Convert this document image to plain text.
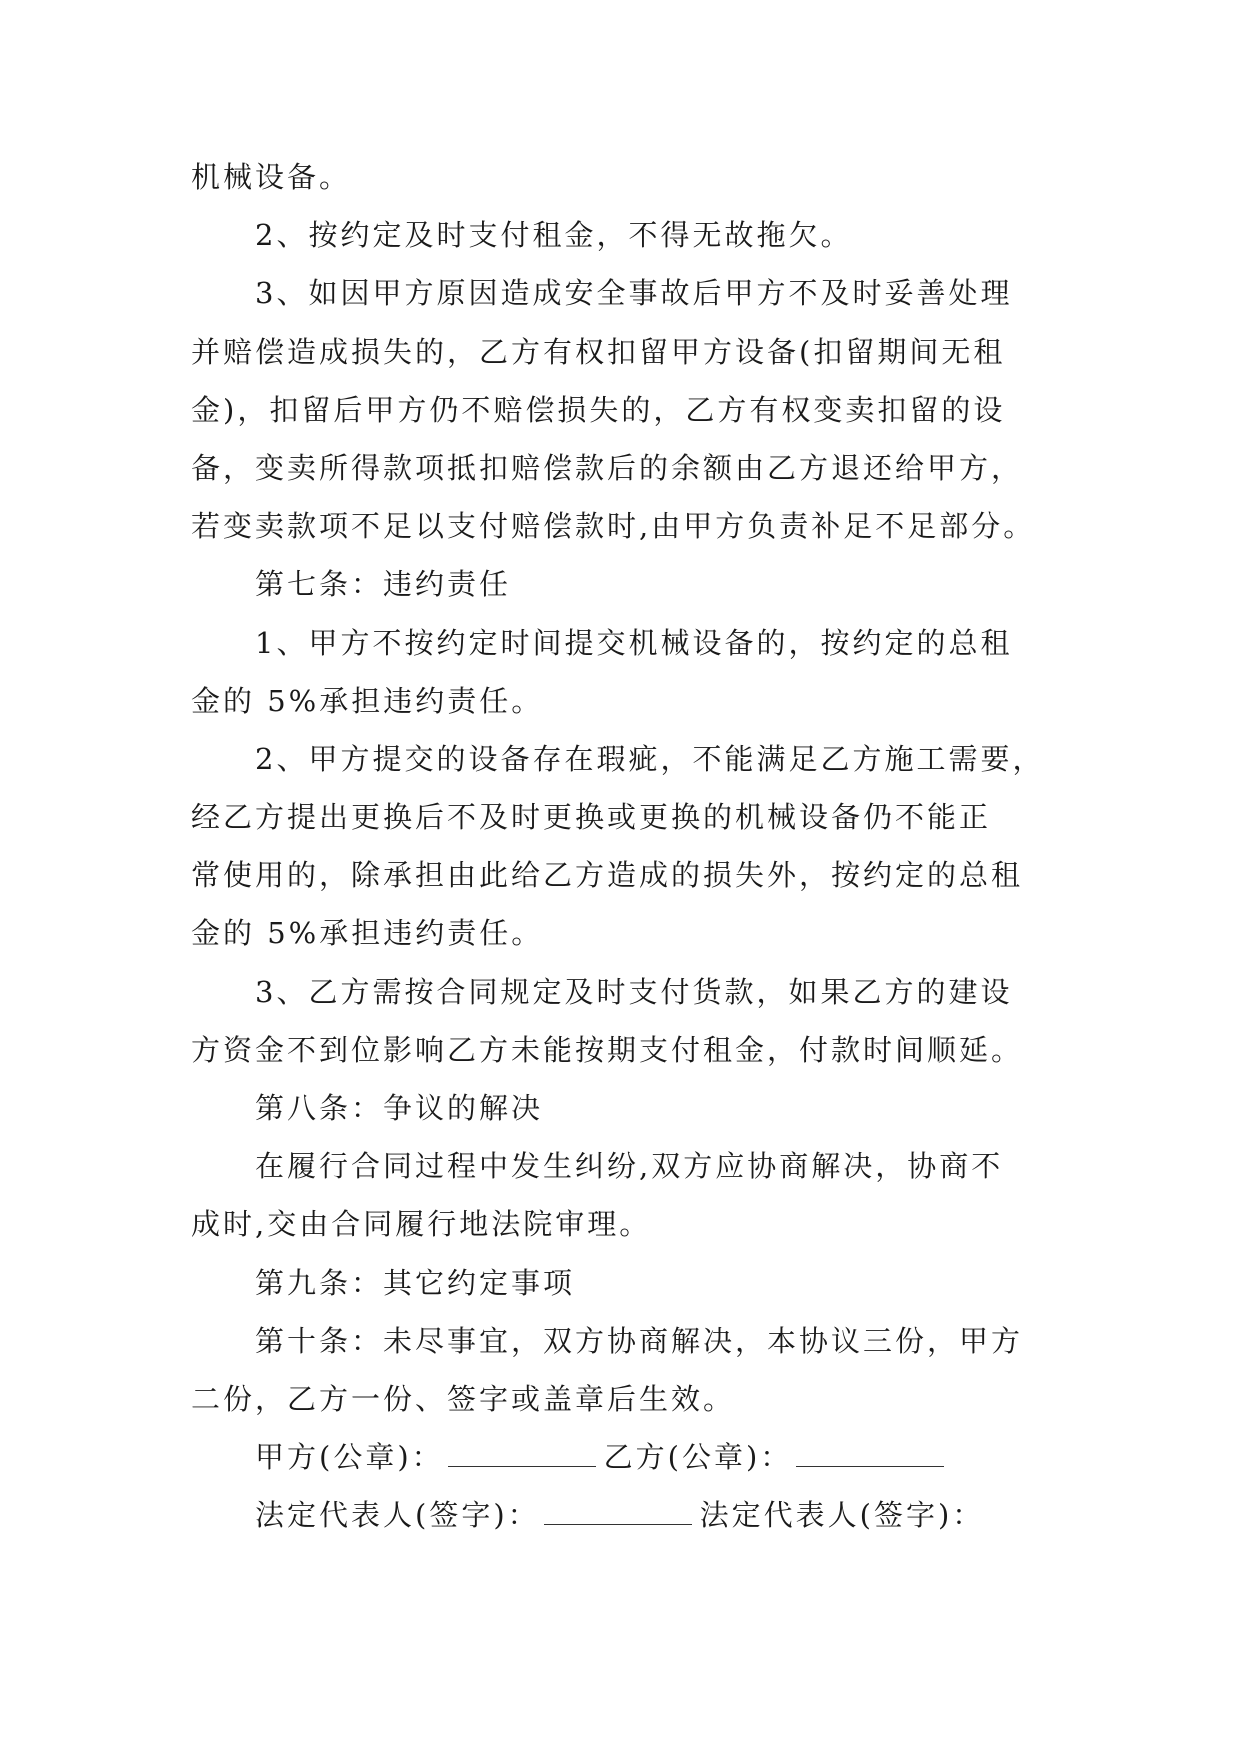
机械设备。
2、按约定及时支付租金，不得无故拖欠。
3、如因甲方原因造成安全事故后甲方不及时妥善处理
并赔偿造成损失的，乙方有权扣留甲方设备(扣留期间无租
金)，扣留后甲方仍不赔偿损失的，乙方有权变卖扣留的设
备，变卖所得款项抵扣赔偿款后的余额由乙方退还给甲方，
若变卖款项不足以支付赔偿款时,由甲方负责补足不足部分。
第七条：违约责任
1、甲方不按约定时间提交机械设备的，按约定的总租
金的 5%承担违约责任。
2、甲方提交的设备存在瑕疵，不能满足乙方施工需要，
经乙方提出更换后不及时更换或更换的机械设备仍不能正
常使用的，除承担由此给乙方造成的损失外，按约定的总租
金的 5%承担违约责任。
3、乙方需按合同规定及时支付货款，如果乙方的建设
方资金不到位影响乙方未能按期支付租金，付款时间顺延。
第八条：争议的解决
在履行合同过程中发生纠纷,双方应协商解决，协商不
成时,交由合同履行地法院审理。
第九条：其它约定事项
第十条：未尽事宜，双方协商解决，本协议三份，甲方
二份，乙方一份、签字或盖章后生效。
甲方(公章)：	乙方(公章)：
法定代表人(签字)：	法定代表人(签字)：
